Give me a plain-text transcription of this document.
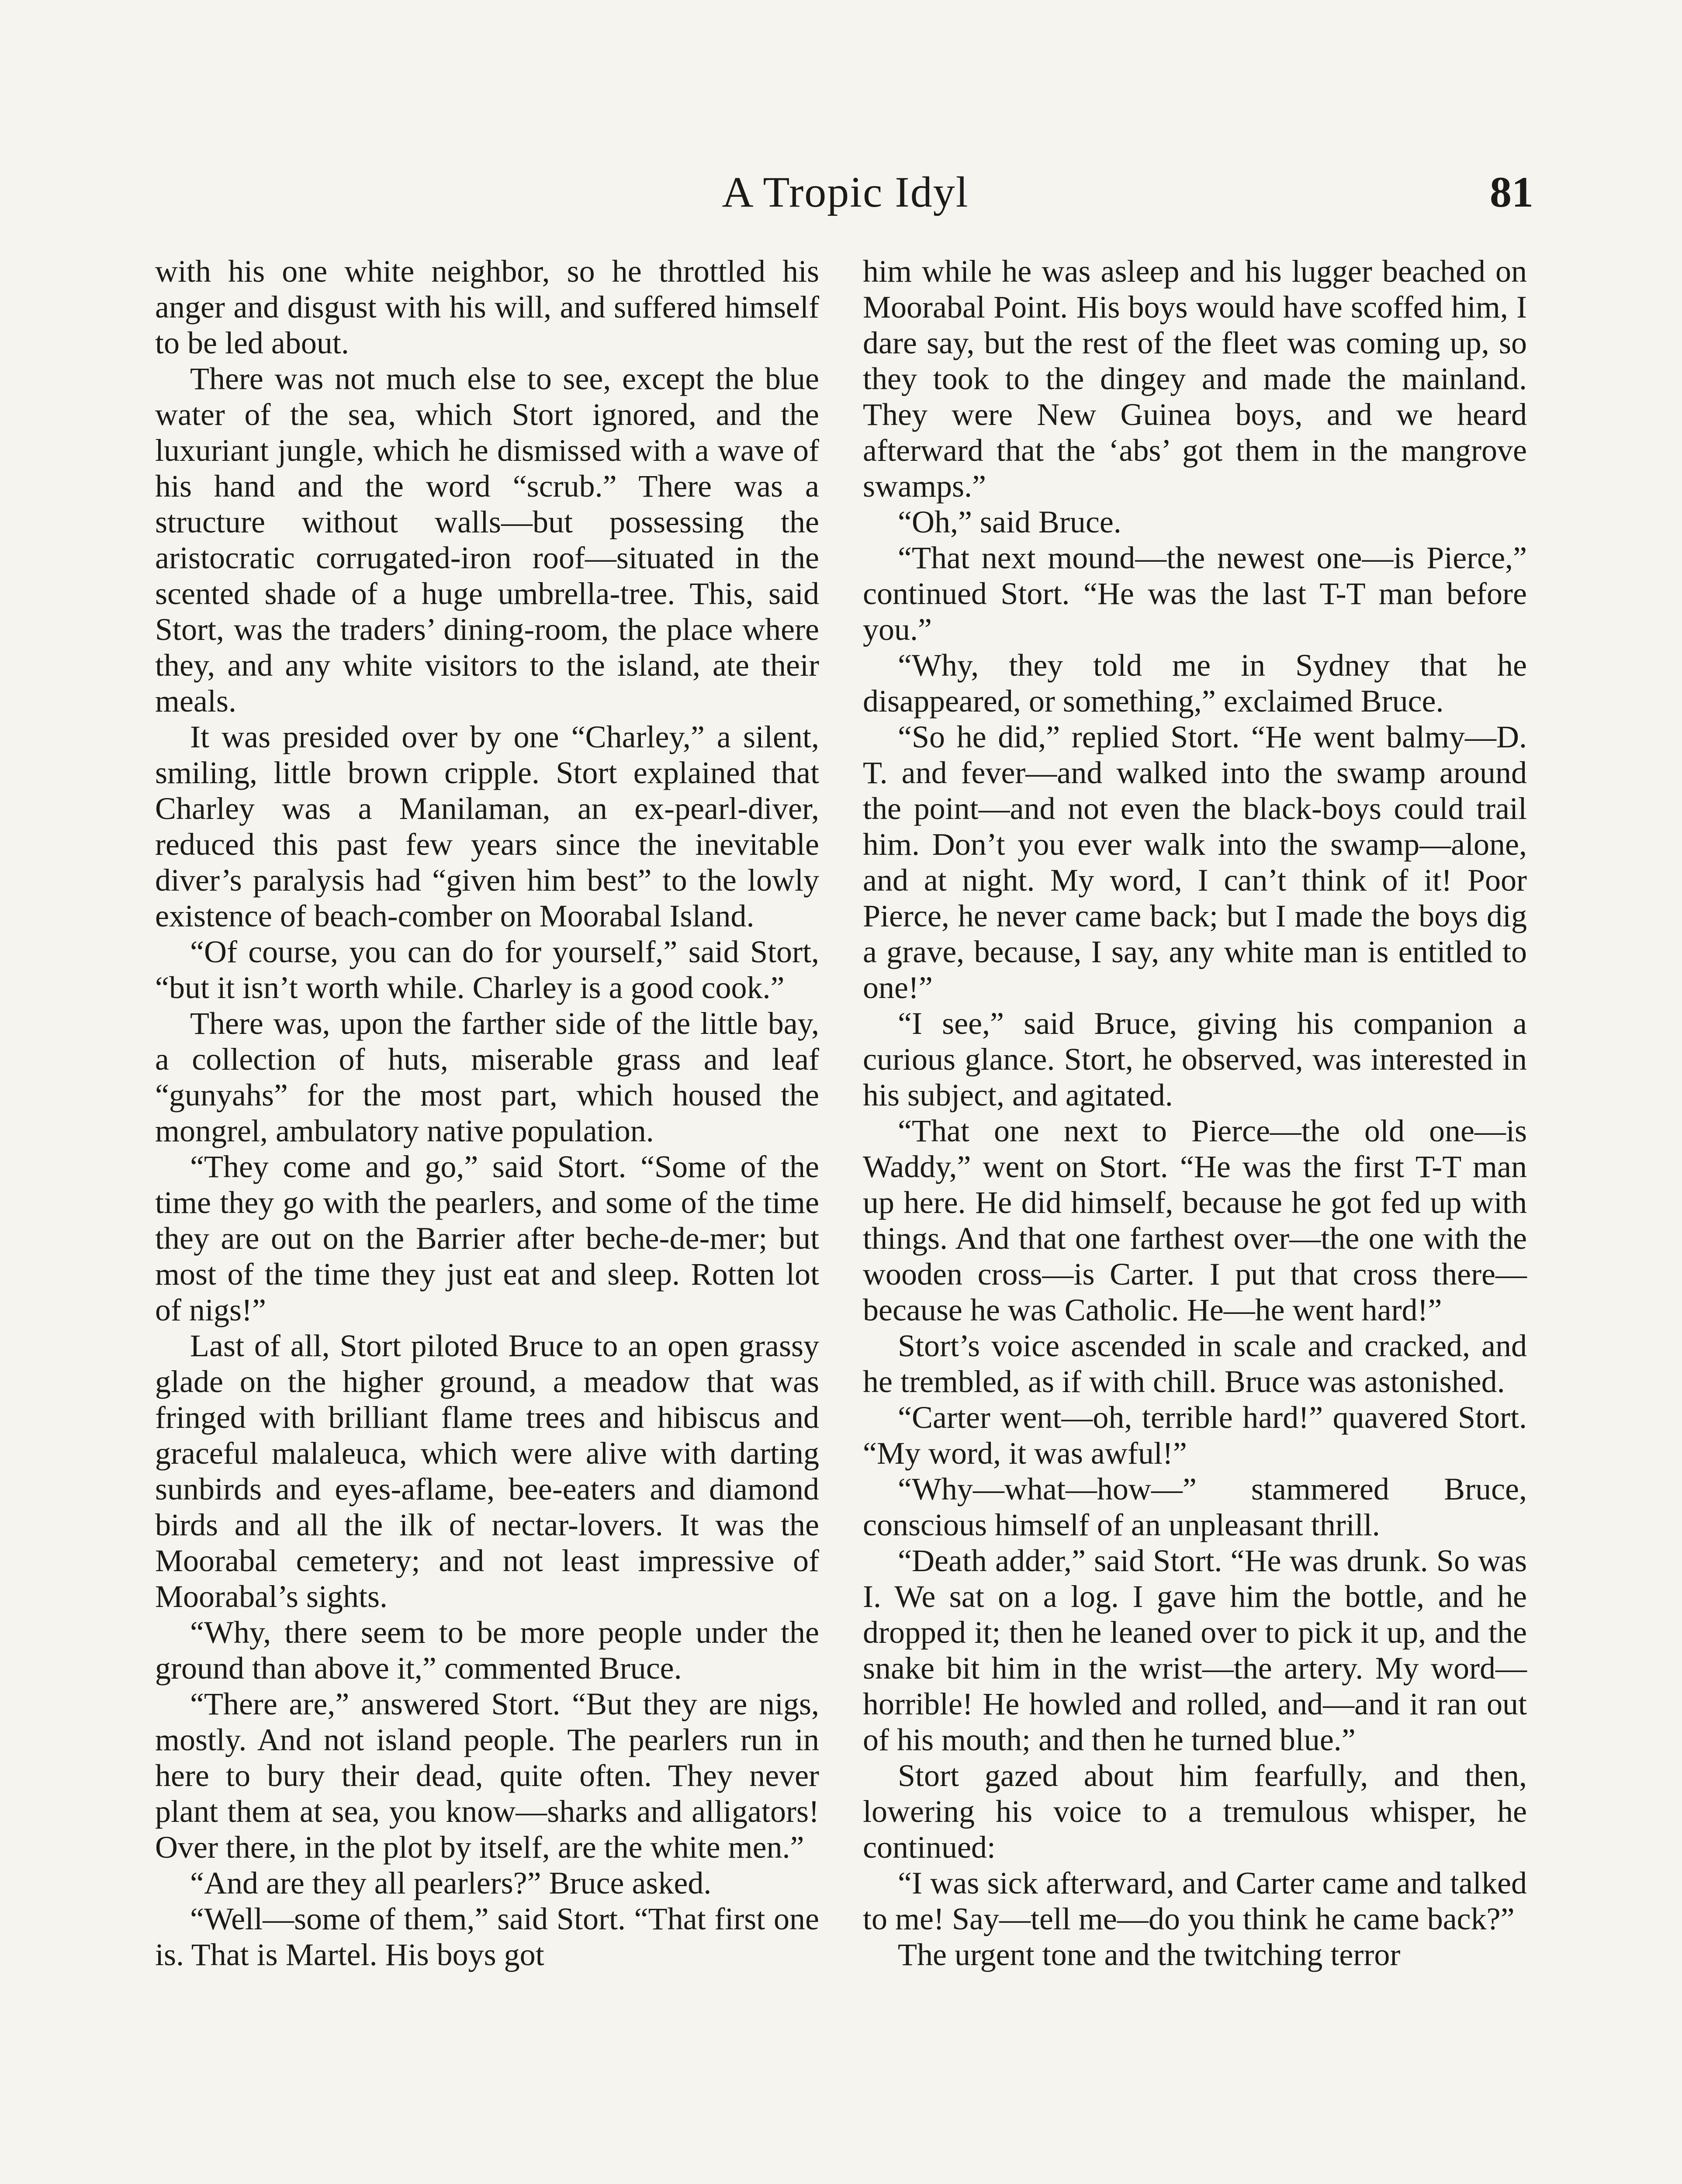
A Tropic Idyl	81

with his one white neighbor, so he throttled his anger and disgust with his will, and suffered himself to be led about.

There was not much else to see, except the blue water of the sea, which Stort ignored, and the luxuriant jungle, which he dismissed with a wave of his hand and the word “scrub.” There was a structure without walls—but possessing the aristocratic corrugated-iron roof—situated in the scented shade of a huge umbrella-tree. This, said Stort, was the traders’ dining-room, the place where they, and any white visitors to the island, ate their meals.

It was presided over by one “Charley,” a silent, smiling, little brown cripple. Stort explained that Charley was a Manilaman, an ex-pearl-diver, reduced this past few years since the inevitable diver’s paralysis had “given him best” to the lowly existence of beach-comber on Moorabal Island.

“Of course, you can do for yourself,” said Stort, “but it isn’t worth while. Charley is a good cook.”

There was, upon the farther side of the little bay, a collection of huts, miserable grass and leaf “gunyahs” for the most part, which housed the mongrel, ambulatory native population.

“They come and go,” said Stort. “Some of the time they go with the pearlers, and some of the time they are out on the Barrier after beche-de-mer; but most of the time they just eat and sleep. Rotten lot of nigs!”

Last of all, Stort piloted Bruce to an open grassy glade on the higher ground, a meadow that was fringed with brilliant flame trees and hibiscus and graceful malaleuca, which were alive with darting sunbirds and eyes-aflame, bee-eaters and diamond birds and all the ilk of nectar-lovers. It was the Moorabal cemetery; and not least impressive of Moorabal’s sights.

“Why, there seem to be more people under the ground than above it,” commented Bruce.

“There are,” answered Stort. “But they are nigs, mostly. And not island people. The pearlers run in here to bury their dead, quite often. They never plant them at sea, you know—sharks and alligators! Over there, in the plot by itself, are the white men.”

“And are they all pearlers?” Bruce asked.

“Well—some of them,” said Stort. “That first one is. That is Martel. His boys got

him while he was asleep and his lugger beached on Moorabal Point. His boys would have scoffed him, I dare say, but the rest of the fleet was coming up, so they took to the dingey and made the mainland. They were New Guinea boys, and we heard afterward that the ‘abs’ got them in the mangrove swamps.”

“Oh,” said Bruce.

“That next mound—the newest one—is Pierce,” continued Stort. “He was the last T-T man before you.”

“Why, they told me in Sydney that he disappeared, or something,” exclaimed Bruce.

“So he did,” replied Stort. “He went balmy—D. T. and fever—and walked into the swamp around the point—and not even the black-boys could trail him. Don’t you ever walk into the swamp—alone, and at night. My word, I can’t think of it! Poor Pierce, he never came back; but I made the boys dig a grave, because, I say, any white man is entitled to one!”

“I see,” said Bruce, giving his companion a curious glance. Stort, he observed, was interested in his subject, and agitated.

“That one next to Pierce—the old one—is Waddy,” went on Stort. “He was the first T-T man up here. He did himself, because he got fed up with things. And that one farthest over—the one with the wooden cross—is Carter. I put that cross there—because he was Catholic. He—he went hard!”

Stort’s voice ascended in scale and cracked, and he trembled, as if with chill. Bruce was astonished.

“Carter went—oh, terrible hard!” quavered Stort. “My word, it was awful!”

“Why—what—how—” stammered Bruce, conscious himself of an unpleasant thrill.

“Death adder,” said Stort. “He was drunk. So was I. We sat on a log. I gave him the bottle, and he dropped it; then he leaned over to pick it up, and the snake bit him in the wrist—the artery. My word—horrible! He howled and rolled, and—and it ran out of his mouth; and then he turned blue.”

Stort gazed about him fearfully, and then, lowering his voice to a tremulous whisper, he continued:

“I was sick afterward, and Carter came and talked to me! Say—tell me—do you think he came back?”

The urgent tone and the twitching terror
